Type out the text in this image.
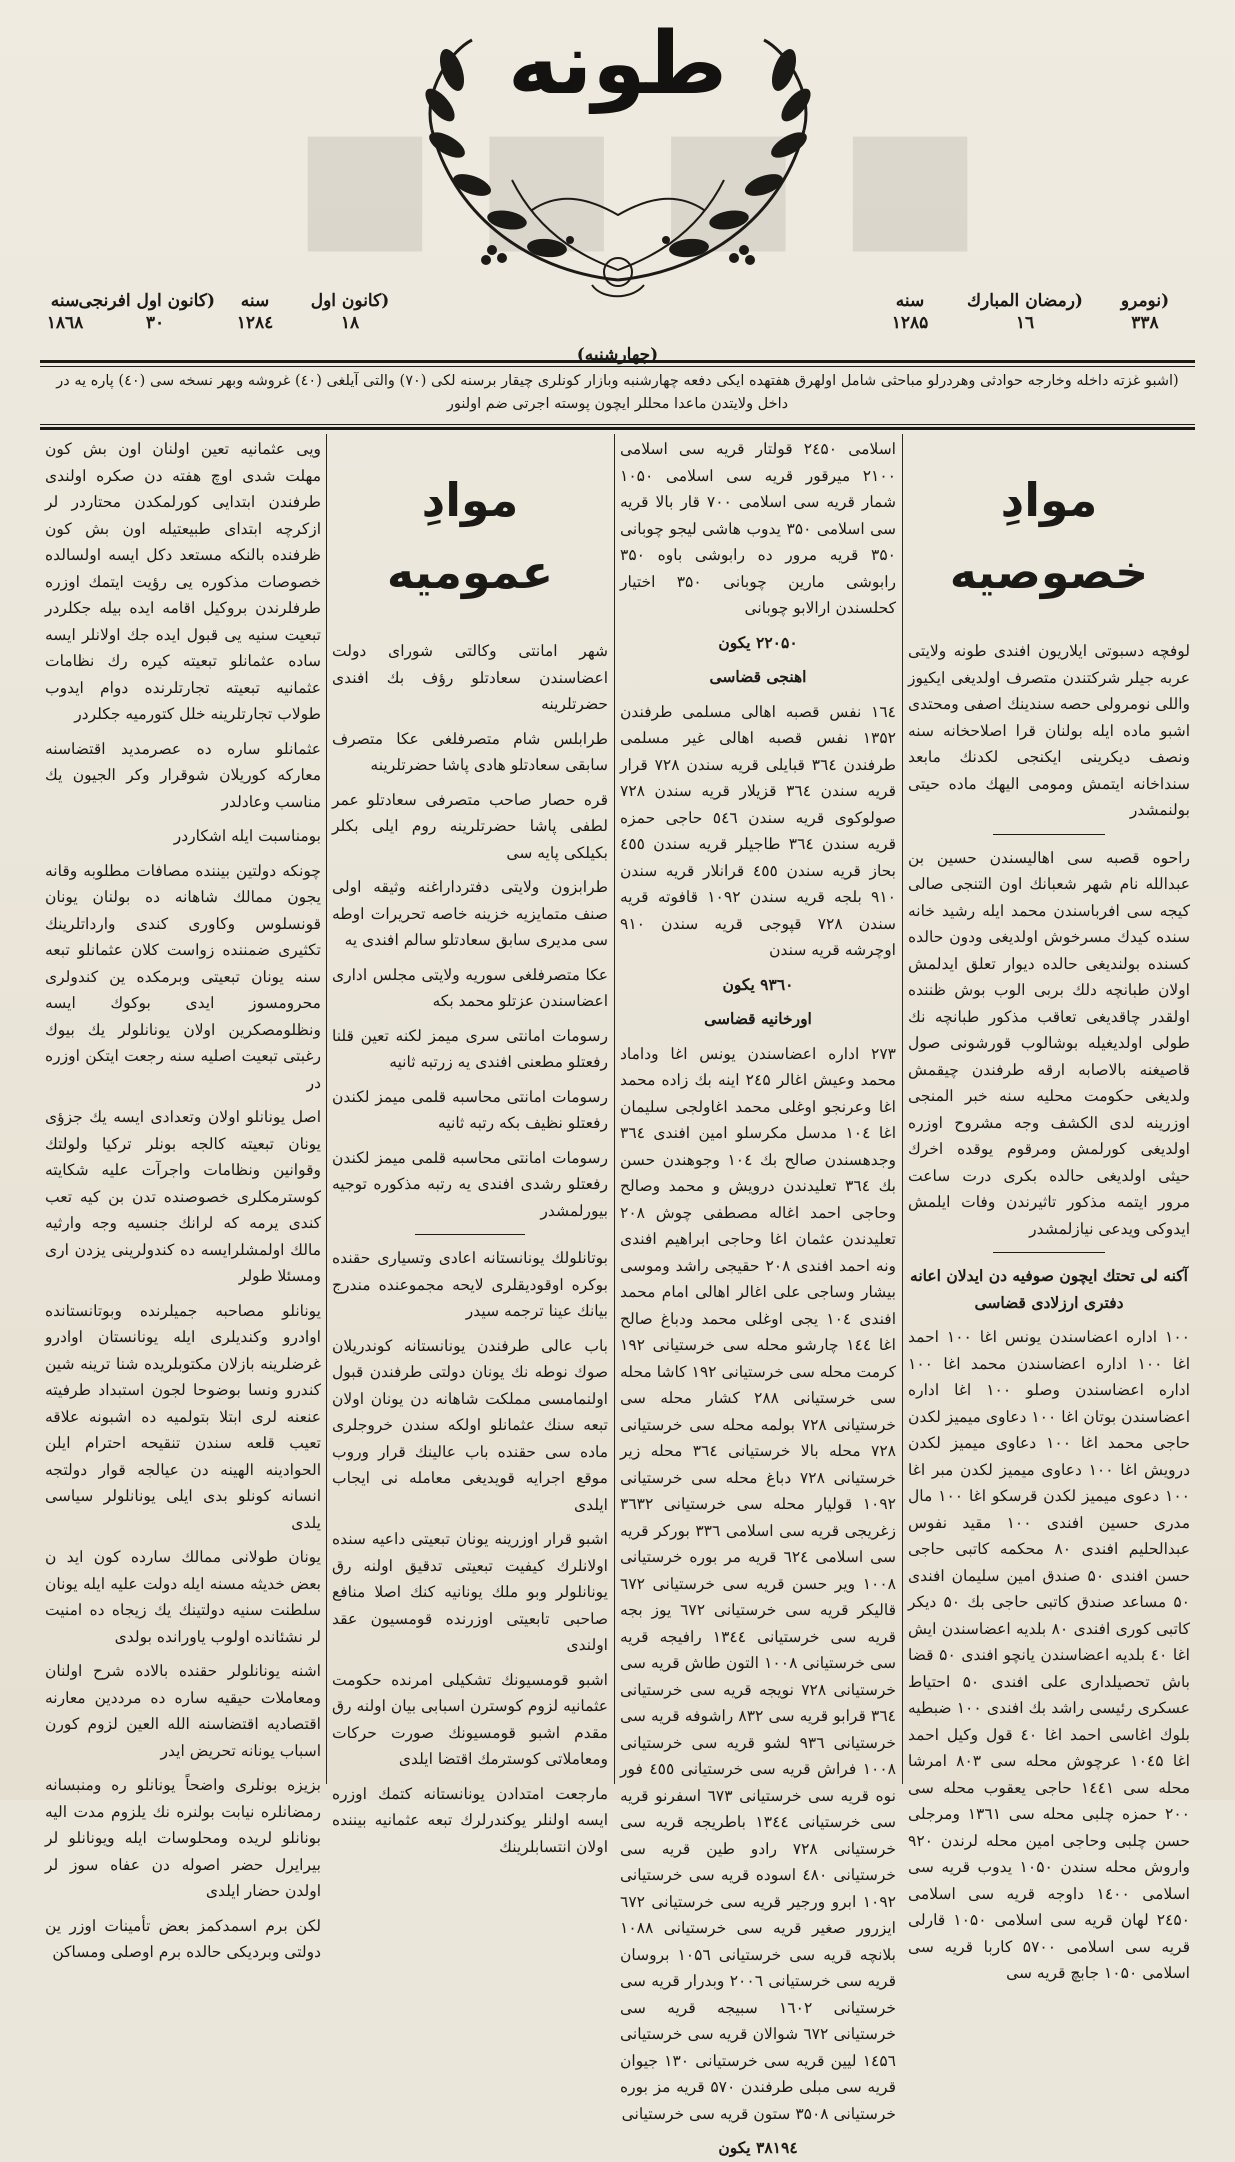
■■■■
طونه
(نومرو
۳۳۸
(رمضان المبارك
۱٦
سنه
۱۲۸۵
(كانون اول
۱۸
سنه
۱۲۸٤
(كانون اول افرنجى
۳۰
سنه
۱۸٦۸
(چهارشنبه)
(اشبو غزته داخله وخارجه حوادثى وهردرلو مباحثى شامل اولهرق هفتهده ايكى دفعه چهارشنبه وبازار كونلرى چيقار برسنه لكى (۷۰) والتى آيلغى (٤۰) غروشه وبهر نسخه سى (٤۰) پاره يه در داخل ولايتدن ماعدا محللر ايچون پوسته اجرتى ضم اولنور
موادِ خصوصيه

لوفچه دسبوتى ايلاريون افندى طونه ولايتى عربه جيلر شركتندن متصرف اولديغى ايكيوز واللى نومرولى حصه سندينك اصفى ومحتدى اشبو ماده ايله بولنان قرا اصلاحخانه سنه ونصف ديكرينى ايكنجى لكدنك مابعد سنداخانه ايتمش ومومى اليهك ماده حيتى بولنمشدر

راحوه قصبه سى اهاليسندن حسين بن عبدالله نام شهر شعبانك اون التنجى صالى كيجه سى افرباسندن محمد ايله رشيد خانه سنده كيدك مسرخوش اولديغى ودون حالده كسنده بولنديغى حالده ديوار تعلق ايدلمش اولان طبانچه دلك بربى الوب بوش ظننده اولقدر چاقديغى تعاقب مذكور طبانچه نك طولى اولديغيله بوشالوب قورشونى صول قاصيغنه بالاصابه ارقه طرفندن چيقمش ولديغى حكومت محليه سنه خبر المنجى اوزرينه لدى الكشف وجه مشروح اوزره اولديغى كورلمش ومرقوم يوقده اخرك حيثى اولديغى حالده بكرى درت ساعت مرور ايتمه مذكور تاثيرندن وفات ايلمش ايدوكى ويدعى نيازلمشدر

آكنه لى تحتك ايچون صوفيه دن ايدلان اعانه دفترى ارزلادى قضاسى

۱۰۰ اداره اعضاسندن يونس اغا ۱۰۰ احمد اغا ۱۰۰ اداره اعضاسندن محمد اغا ۱۰۰ اداره اعضاسندن وصلو ۱۰۰ اغا اداره اعضاسندن بوتان اغا ۱۰۰ دعاوى ميميز لكدن حاجى محمد اغا ۱۰۰ دعاوى ميميز لكدن درويش اغا ۱۰۰ دعاوى ميميز لكدن مبر اغا ۱۰۰ دعوى ميميز لكدن قرسكو اغا ۱۰۰ مال مدرى حسين افندى ۱۰۰ مقيد نفوس عبدالحليم افندى ۸۰ محكمه كاتبى حاجى حسن افندى ۵۰ صندق امين سليمان افندى ۵۰ مساعد صندق كاتبى حاجى بك ۵۰ ديكر كاتبى كورى افندى ۸۰ بلديه اعضاسندن ايش اغا ٤۰ بلديه اعضاسندن يانچو افندى ۵۰ قضا باش تحصيلدارى على افندى ۵۰ احتياط عسكرى رئيسى راشد بك افندى ۱۰۰ ضبطيه بلوك اغاسى احمد اغا ٤۰ قول وكيل احمد اغا ۱۰٤۵ عرچوش محله سى ۸۰۳ امرشا محله سى ۱٤٤۱ حاجى يعقوب محله سى ۲۰۰ حمزه چلبى محله سى ۱۳٦۱ ومرجلى حسن چلبى وحاجى امين محله لرندن ۹۲۰ واروش محله سندن ۱۰۵۰ يدوب قريه سى اسلامى ۱٤۰۰ داوجه قريه سى اسلامى ۲٤۵۰ لهان قريه سى اسلامى ۱۰۵۰ قارلى قريه سى اسلامى ۵۷۰۰ كاربا قريه سى اسلامى ۱۰۵۰ جابچ قريه سى

اسلامى ۲٤۵۰ قولتار قريه سى اسلامى ۲۱۰۰ ميرقور قريه سى اسلامى ۱۰۵۰ شمار قريه سى اسلامى ۷۰۰ قار بالا قريه سى اسلامى ۳۵۰ يدوب هاشى ليجو چوبانى ۳۵۰ قريه مرور ده رابوشى باوه ۳۵۰ رابوشى مارين چوبانى ۳۵۰ اختيار كحلسندن ارالابو چوبانى

۲۲۰۵۰ يكون

اهنجى قضاسى

۱٦٤ نفس قصبه اهالى مسلمى طرفندن ۱۳۵۲ نفس قصبه اهالى غير مسلمى طرفندن ۳٦٤ قبايلى قريه سندن ۷۲۸ قرار قريه سندن ۳٦٤ قزيلار قريه سندن ۷۲۸ صولوكوى قريه سندن ٥٤٦ حاجى حمزه قريه سندن ۳٦٤ طاجيلر قريه سندن ٤٥٥ بحاز قريه سندن ٤٥٥ قرانلار قريه سندن ۹۱۰ بلجه قريه سندن ۱۰۹۲ قافوته قريه سندن ۷۲۸ قپوجى قريه سندن ۹۱۰ اوچرشه قريه سندن

۹۳٦۰ يكون

اورخانيه قضاسى

۲۷۳ اداره اعضاسندن يونس اغا وداماد محمد وعيش اغالر ۲٤۵ اينه بك زاده محمد اغا وعرنجو اوغلى محمد اغاولجى سليمان اغا ۱۰٤ مدسل مكرسلو امين افندى ۳٦٤ وجدهسندن صالح بك ۱۰٤ وجوهندن حسن بك ۳٦٤ تعليدندن درويش و محمد وصالح وحاجى احمد اغاله مصطفى چوش ۲۰۸ تعليدندن عثمان اغا وحاجى ابراهيم افندى ونه احمد افندى ۲۰۸ حقيجى راشد وموسى بيشار وساجى على اغالر اهالى امام محمد افندى ۱۰٤ يجى اوغلى محمد ودباغ صالح اغا ۱٤٤ چارشو محله سى خرستيانى ۱۹۲ كرمت محله سى خرستيانى ۱۹۲ كاشا محله سى خرستيانى ۲۸۸ كشار محله سى خرستيانى ۷۲۸ بولمه محله سى خرستيانى ۷۲۸ محله بالا خرستيانى ۳٦٤ محله زير خرستيانى ۷۲۸ دباغ محله سى خرستيانى ۱۰۹۲ قوليار محله سى خرستيانى ۳٦۳۲ زغريجى قريه سى اسلامى ۳۳٦ بوركر قريه سى اسلامى ٦۲٤ قريه مر بوره خرستيانى ۱۰۰۸ وير حسن قريه سى خرستيانى ٦۷۲ قاليكر قريه سى خرستيانى ٦۷۲ يوز بجه قريه سى خرستيانى ۱۳٤٤ رافيجه قريه سى خرستيانى ۱۰۰۸ التون طاش قريه سى خرستيانى ۷۲۸ نويجه قريه سى خرستيانى ۳٦٤ قرابو قريه سى ۸۳۲ راشوفه قريه سى خرستيانى ۹۳٦ لشو قريه سى خرستيانى ۱۰۰۸ فراش قريه سى خرستيانى ٤٥٥ فور نوه قريه سى خرستيانى ٦۷۳ اسفرنو قريه سى خرستيانى ۱۳٤٤ باطريجه قريه سى خرستيانى ۷۲۸ رادو طين قريه سى خرستيانى ٤۸۰ اسوده قريه سى خرستيانى ۱۰۹۲ ابرو ورجير قريه سى خرستيانى ٦۷۲ ايزرور صغير قريه سى خرستيانى ۱۰۸۸ بلانچه قريه سى خرستيانى ۱۰۵٦ بروسان قريه سى خرستيانى ۲۰۰٦ وبدرار قريه سى خرستيانى ۱٦۰۲ سبيجه قريه سى خرستيانى ٦۷۲ شوالان قريه سى خرستيانى ۱٤۵٦ ليين قريه سى خرستيانى ۱۳۰ جيوان قريه سى مبلى طرفندن ۵۷۰ قريه مز بوره خرستيانى ۳۵۰۸ ستون قريه سى خرستيانى

۳۸۱۹٤ يكون

موادِ عموميه

شهر امانتى وكالتى شوراى دولت اعضاسندن سعادتلو رؤف بك افندى حضرتلرينه

طرابلس شام متصرفلغى عكا متصرف سابقى سعادتلو هادى پاشا حضرتلرينه

قره حصار صاحب متصرفى سعادتلو عمر لطفى پاشا حضرتلرينه روم ايلى بكلر بكيلكى پايه سى

طرابزون ولايتى دفترداراغنه وثيقه اولى صنف متمايزيه خزينه خاصه تحريرات اوطه سى مديرى سابق سعادتلو سالم افندى يه

عكا متصرفلغى سوريه ولايتى مجلس ادارى اعضاسندن عزتلو محمد بكه

رسومات امانتى سرى ميمز لكنه تعين قلنا رفعتلو مطعنى افندى يه زرتبه ثانيه

رسومات امانتى محاسبه قلمى ميمز لكندن رفعتلو نظيف بكه رتبه ثانيه

رسومات امانتى محاسبه قلمى ميمز لكندن رفعتلو رشدى افندى يه رتبه مذكوره توجيه بيورلمشدر

بوتانلولك يونانستانه اعادى وتسيارى حقنده بوكره اوقوديقلرى لايحه مجموعنده مندرج بيانك عينا ترجمه سيدر

باب عالى طرفندن يونانستانه كوندريلان صوك نوطه نك يونان دولتى طرفندن قبول اولنمامسى مملكت شاهانه دن يونان اولان تبعه سنك عثمانلو اولكه سندن خروجلرى ماده سى حقنده باب عالينك قرار وروب موقع اجرايه قويديغى معامله نى ايجاب ايلدى

اشبو قرار اوزرينه يونان تبعيتى داعيه سنده اولانلرك كيفيت تبعيتى تدقيق اولنه رق يونانلولر وبو ملك يونانيه كنك اصلا منافع صاحبى تابعيتى اوزرنده قومسيون عقد اولندى

اشبو قومسيونك تشكيلى امرنده حكومت عثمانيه لزوم كوسترن اسبابى بيان اولنه رق مقدم اشبو قومسيونك صورت حركات ومعاملاتى كوسترمك اقتضا ايلدى

مارجعت امتدادن يونانستانه كتمك اوزره ايسه اولنلر يوكندرلرك تبعه عثمانيه بيننده اولان انتسابلرينك

ويى عثمانيه تعين اولنان اون بش كون مهلت شدى اوچ هفته دن صكره اولندى طرفندن ابتدايى كورلمكدن محتاردر لر ازكرچه ابتداى طبيعتيله اون بش كون ظرفنده بالنكه مستعد دكل ايسه اولسالده خصوصات مذكوره يى رؤيت ايتمك اوزره طرفلرندن بروكيل اقامه ايده بيله جكلردر تبعيت سنيه يى قبول ايده جك اولانلر ايسه ساده عثمانلو تبعيته كيره رك نظامات عثمانيه تبعيته تجارتلرنده دوام ايدوب طولاب تجارتلرينه خلل كتورميه جكلردر

عثمانلو ساره ده عصرمديد اقتضاسنه معاركه كوريلان شوقرار وكر الجيون يك مناسب وعادلدر

بومناسبت ايله اشكاردر

چونكه دولتين بيننده مصافات مطلوبه وقانه يجون ممالك شاهانه ده بولنان يونان قونسلوس وكاورى كندى وارداتلرينك تكثيرى ضمننده زواست كلان عثمانلو تبعه سنه يونان تبعيتى وبرمكده ين كندولرى محرومسوز ايدى بوكوك ايسه ونظلومصكرين اولان يونانلولر يك بيوك رغبتى تبعيت اصليه سنه رجعت ايتكن اوزره در

اصل يونانلو اولان وتعدادى ايسه يك جزؤى يونان تبعيته كالجه بونلر تركيا ولولتك وقوانين ونظامات واجرآت عليه شكايته كوسترمكلرى خصوصنده تدن بن كيه تعب كندى يرمه كه لرانك جنسيه وجه وارثيه مالك اولمشلرايسه ده كندولرينى يزدن ارى ومسئلا طولر

يونانلو مصاحبه جميلرنده وبوتانستانده اوادرو وكنديلرى ايله يونانستان اوادرو غرضلرينه بازلان مكتوبلريده شنا ترينه شين كندرو ونسا بوضوحا لجون استبداد طرفيته عنعنه لرى ابتلا بتولميه ده اشبونه علاقه تعيب قلعه سندن تنقيحه احترام ايلن الحوادينه الهينه دن عيالجه قوار دولتجه انسانه كونلو بدى ايلى يونانلولر سياسى يلدى

يونان طولانى ممالك سارده كون ايد ن بعض خديثه مسنه ايله دولت عليه ايله يونان سلطنت سنيه دولتينك يك زيجاه ده امنيت لر نشئانده اولوب ياورانده بولدى

اشنه يونانلولر حقنده بالاده شرح اولنان ومعاملات حيقيه ساره ده مرددين معارنه اقتصاديه اقتضاسنه الله العين لزوم كورن اسباب يونانه تحريض ايدر

بزيزه بونلرى واضحاً يونانلو ره ومنبسانه رمضانلره نيابت بولنره نك يلزوم مدت اليه بونانلو لريده ومحلوسات ايله ويونانلو لر بيرايرل حضر اصوله دن عفاه سوز لر اولدن حضار ايلدى

لكن برم اسمدكمز بعض تأمينات اوزر ين دولتى وبرديكى حالده برم اوصلى ومساكن
